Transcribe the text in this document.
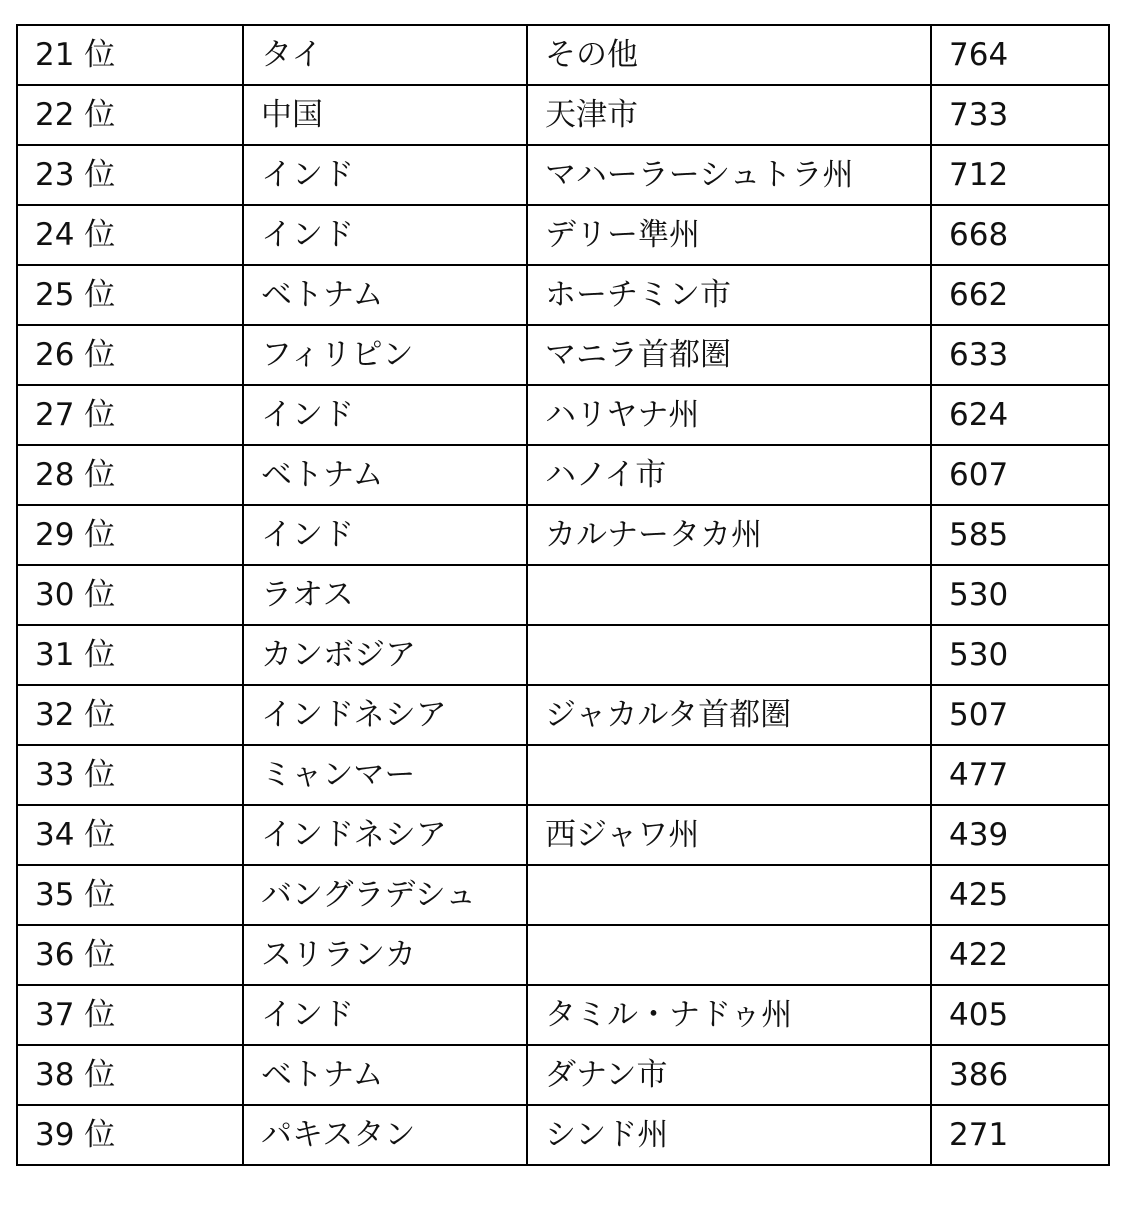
21 位	タイ	その他	764
22 位	中国	天津市	733
23 位	インド	マハーラーシュトラ州	712
24 位	インド	デリー準州	668
25 位	ベトナム	ホーチミン市	662
26 位	フィリピン	マニラ首都圏	633
27 位	インド	ハリヤナ州	624
28 位	ベトナム	ハノイ市	607
29 位	インド	カルナータカ州	585
30 位	ラオス		530
31 位	カンボジア		530
32 位	インドネシア	ジャカルタ首都圏	507
33 位	ミャンマー		477
34 位	インドネシア	西ジャワ州	439
35 位	バングラデシュ		425
36 位	スリランカ		422
37 位	インド	タミル・ナドゥ州	405
38 位	ベトナム	ダナン市	386
39 位	パキスタン	シンド州	271
